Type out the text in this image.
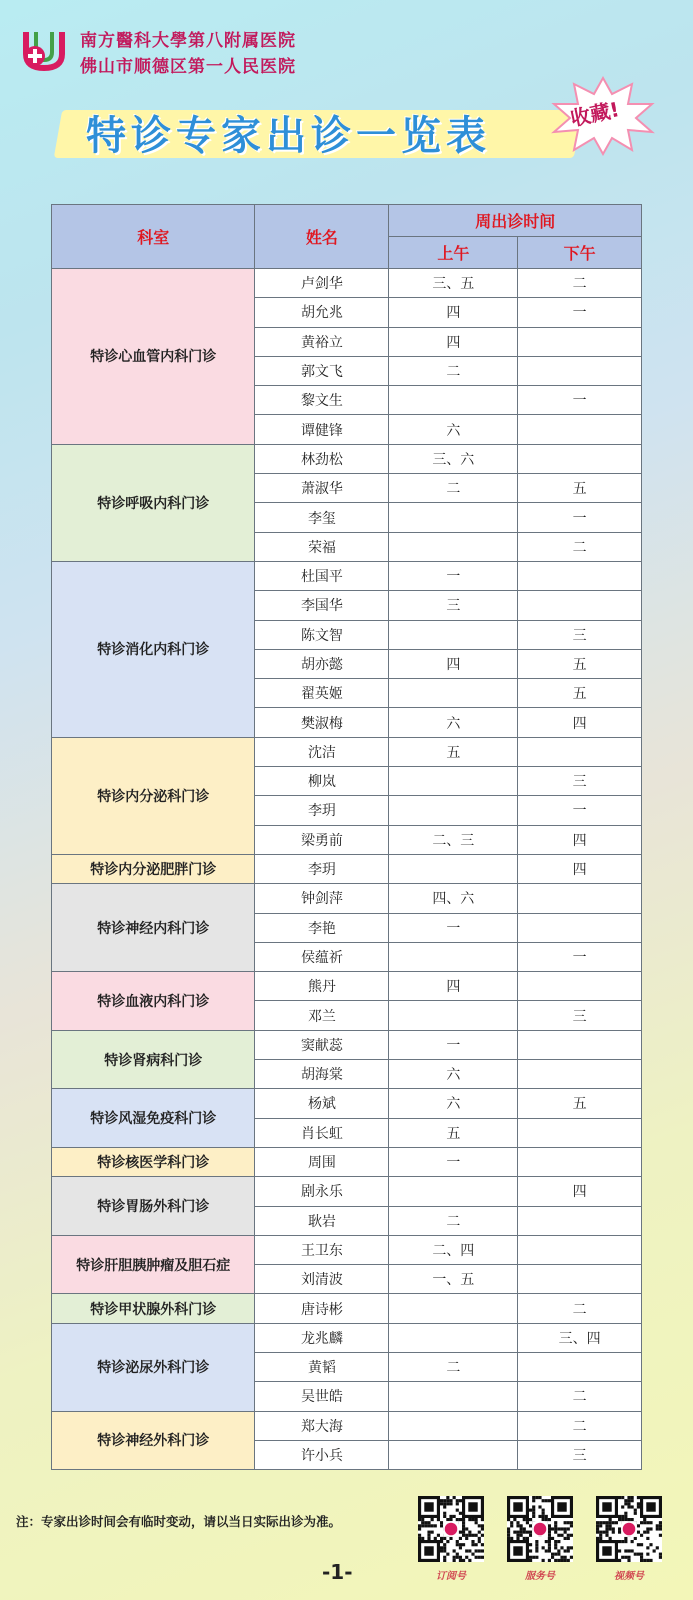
南方醫科大學第八附属医院
佛山市顺德区第一人民医院
特诊专家出诊一览表	收藏!
科室	姓名	周出诊时间	
		上午	下午
特诊心血管内科门诊	卢剑华	三、五	二
	胡允兆	四	一
	黄裕立	四	
	郭文飞	二	
	黎文生		一
	谭健锋	六	
特诊呼吸内科门诊	林劲松	三、六	
	萧淑华	二	五
	李玺		一
	荣福		二
特诊消化内科门诊	杜国平	一	
	李国华	三	
	陈文智		三
	胡亦懿	四	五
	翟英姬		五
	樊淑梅	六	四
特诊内分泌科门诊	沈洁	五	
	柳岚		三
	李玥		一
	梁勇前	二、三	四
特诊内分泌肥胖门诊	李玥		四
特诊神经内科门诊	钟剑萍	四、六	
	李艳	一	
	侯蕴祈		一
特诊血液内科门诊	熊丹	四	
	邓兰		三
特诊肾病科门诊	窦献蕊	一	
	胡海棠	六	
特诊风湿免疫科门诊	杨斌	六	五
	肖长虹	五	
特诊核医学科门诊	周围	一	
特诊胃肠外科门诊	剧永乐		四
	耿岩	二	
特诊肝胆胰肿瘤及胆石症	王卫东	二、四	
	刘清波	一、五	
特诊甲状腺外科门诊	唐诗彬		二
特诊泌尿外科门诊	龙兆麟		三、四
	黄韬	二	
	吴世皓		二
特诊神经外科门诊	郑大海		二
	许小兵		三
注：专家出诊时间会有临时变动，请以当日实际出诊为准。
-1-	订阅号	服务号	视频号
